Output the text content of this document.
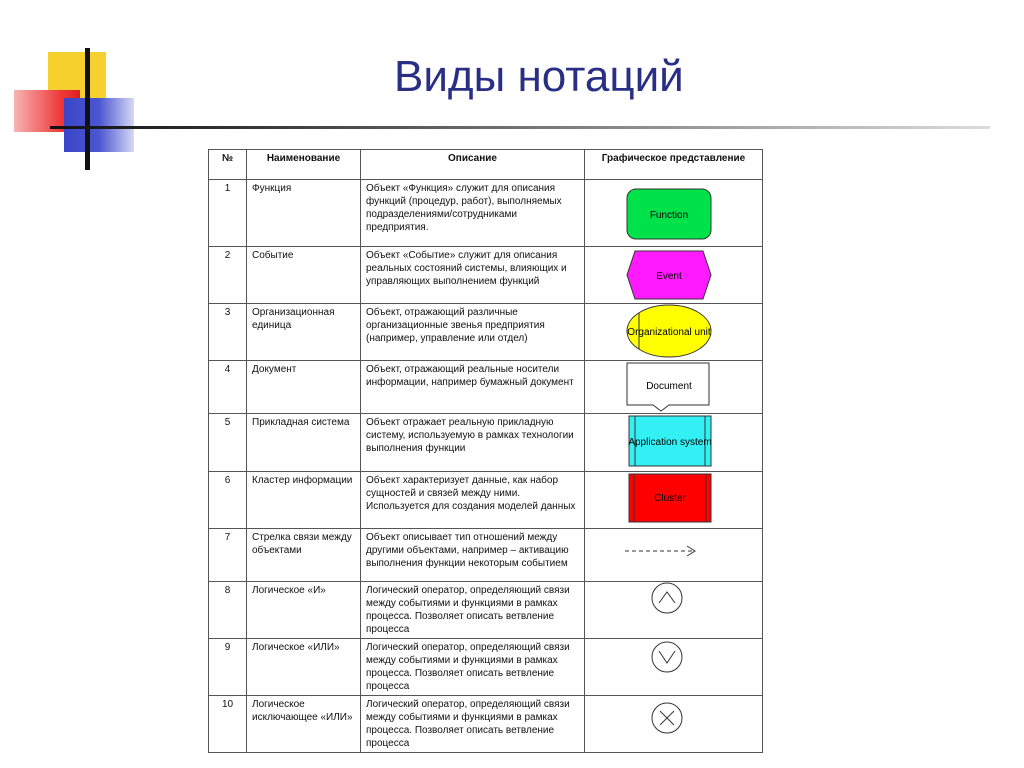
Виды нотаций
№	Наименование	Описание	Графическое представление
1	Функция	Объект «Функция» служит для описания функций (процедур, работ), выполняемых подразделениями/сотрудниками предприятия.	Function

2	Событие	Объект «Событие» служит для описания реальных состояний системы, влияющих и управляющих выполнением функций	Event

3	Организационная единица	Объект, отражающий различные организационные звенья предприятия (например, управление или отдел)	Organizational unit

4	Документ	Объект, отражающий реальные носители информации, например бумажный документ	Document

5	Прикладная система	Объект отражает реальную прикладную систему, используемую в рамках технологии выполнения функции	Application system

6	Кластер информации	Объект характеризует данные, как набор сущностей и связей между ними. Используется для создания моделей данных	Cluster

7	Стрелка связи между объектами	Объект описывает тип отношений между другими объектами, например – активацию выполнения функции некоторым событием	

8	Логическое «И»	Логический оператор, определяющий связи между событиями и функциями в рамках процесса. Позволяет описать ветвление процесса	

9	Логическое «ИЛИ»	Логический оператор, определяющий связи между событиями и функциями в рамках процесса. Позволяет описать ветвление процесса	

10	Логическое исключающее «ИЛИ»	Логический оператор, определяющий связи между событиями и функциями в рамках процесса. Позволяет описать ветвление процесса	
